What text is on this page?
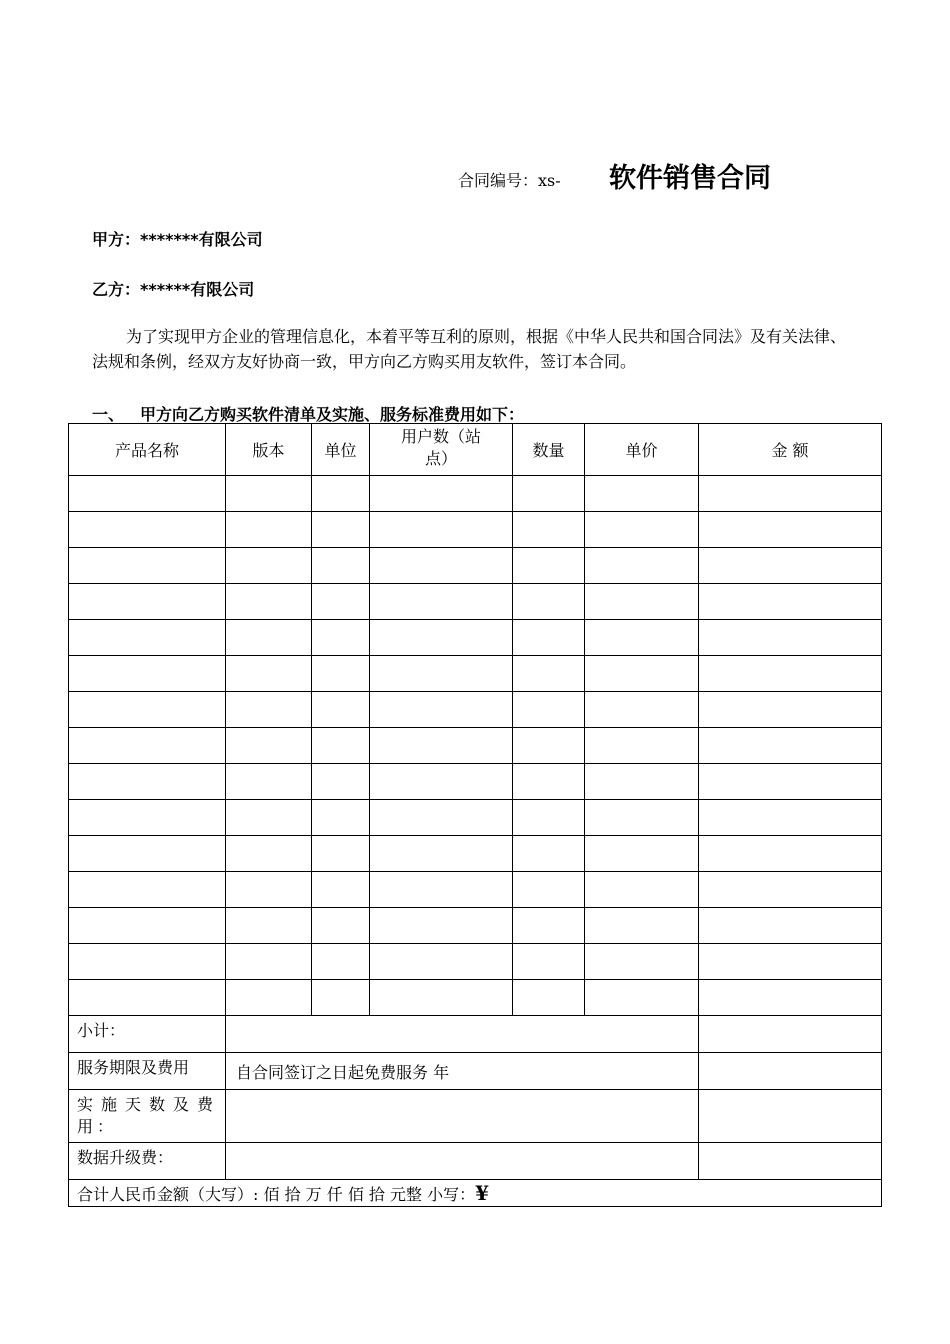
合同编号：xs- 软件销售合同
甲方：*******有限公司
乙方：******有限公司
为了实现甲方企业的管理信息化，本着平等互利的原则，根据《中华人民共和国合同法》及有关法律、法规和条例，经双方友好协商一致，甲方向乙方购买用友软件，签订本合同。
一、 甲方向乙方购买软件清单及实施、服务标准费用如下：
产品名称	版本	单位	用户数（站点）	数量	单价	金 额

小计：						
服务期限及费用	自合同签订之日起免费服务 年					
实施天数及费用：						
数据升级费：						
合计人民币金额（大写）: 佰 拾 万 仟 佰 拾 元整 小写：¥						
